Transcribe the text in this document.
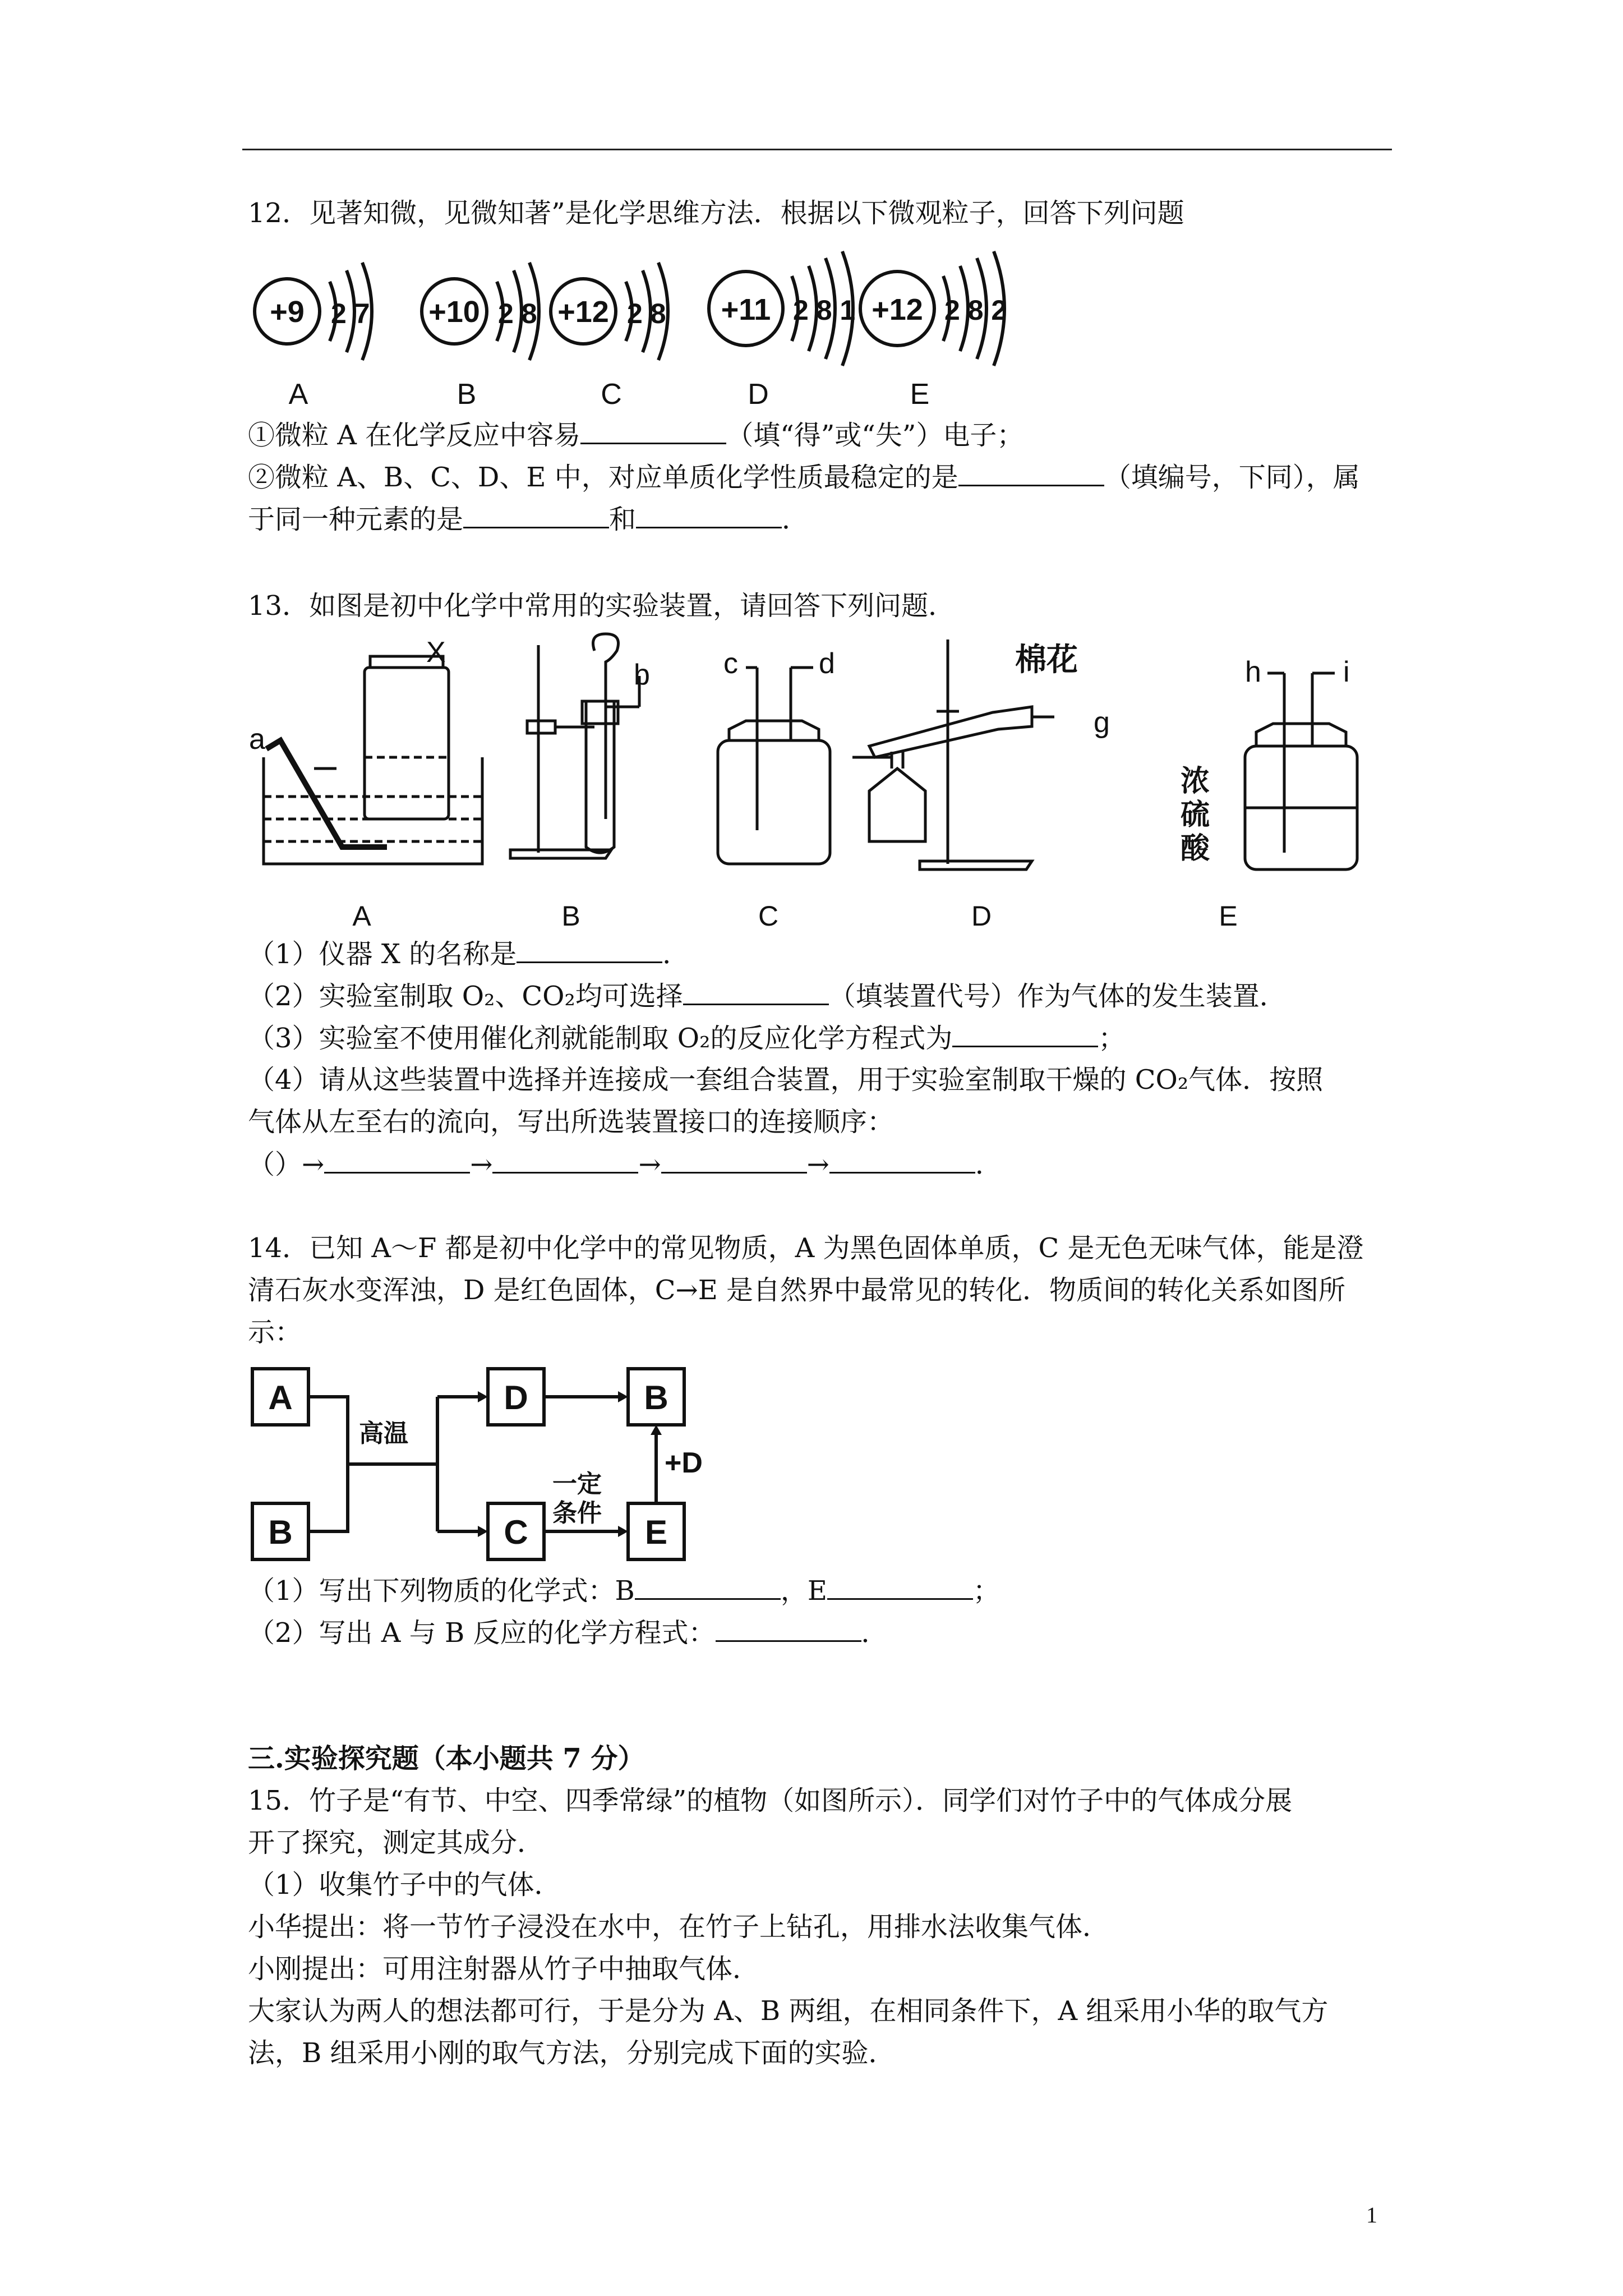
12．见著知微，见微知著”是化学思维方法．根据以下微观粒子，回答下列问题
+9 2 7 +10 2 8 +12 2 8 +11 2 8 1 +12 2 8 2
A	B	C	D	E
①微粒 A 在化学反应中容易	（填“得”或“失”）电子；
②微粒 A、B、C、D、E 中，对应单质化学性质最稳定的是	（填编号，下同），属
于同一种元素的是	和	．
13．如图是初中化学中常用的实验装置，请回答下列问题．
X
a
b	c	d	棉花
g
h	i
浓
硫
酸
A	B	C	D	E
（1）仪器 X 的名称是	．
（2）实验室制取 O₂、CO₂均可选择	（填装置代号）作为气体的发生装置．
（3）实验室不使用催化剂就能制取 O₂的反应化学方程式为	；
（4）请从这些装置中选择并连接成一套组合装置，用于实验室制取干燥的 CO₂气体．按照
气体从左至右的流向，写出所选装置接口的连接顺序：
（）→	→	→	→	．
14．已知 A～F 都是初中化学中的常见物质，A 为黑色固体单质，C 是无色无味气体，能是澄
清石灰水变浑浊，D 是红色固体，C→E 是自然界中最常见的转化．物质间的转化关系如图所
示：
A
B
D	B
C	E
高温
一定
条件
+D
（1）写出下列物质的化学式：B	，E	；
（2）写出 A 与 B 反应的化学方程式：	．
三.实验探究题（本小题共 7 分）
15．竹子是“有节、中空、四季常绿”的植物（如图所示）．同学们对竹子中的气体成分展
开了探究，测定其成分．
（1）收集竹子中的气体．
小华提出：将一节竹子浸没在水中，在竹子上钻孔，用排水法收集气体．
小刚提出：可用注射器从竹子中抽取气体．
大家认为两人的想法都可行，于是分为 A、B 两组，在相同条件下，A 组采用小华的取气方
法，B 组采用小刚的取气方法，分别完成下面的实验．
1
